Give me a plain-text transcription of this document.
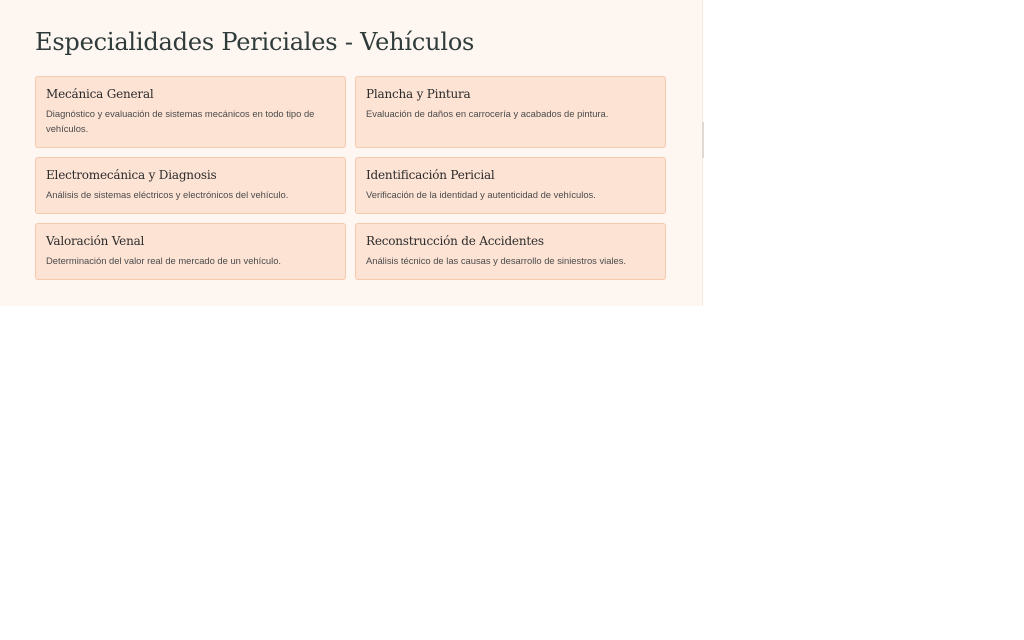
Especialidades Periciales - Vehículos
Mecánica General

Diagnóstico y evaluación de sistemas mecánicos en todo tipo de vehículos.

Plancha y Pintura

Evaluación de daños en carrocería y acabados de pintura.

Electromecánica y Diagnosis

Análisis de sistemas eléctricos y electrónicos del vehículo.

Identificación Pericial

Verificación de la identidad y autenticidad de vehículos.

Valoración Venal

Determinación del valor real de mercado de un vehículo.

Reconstrucción de Accidentes

Análisis técnico de las causas y desarrollo de siniestros viales.
